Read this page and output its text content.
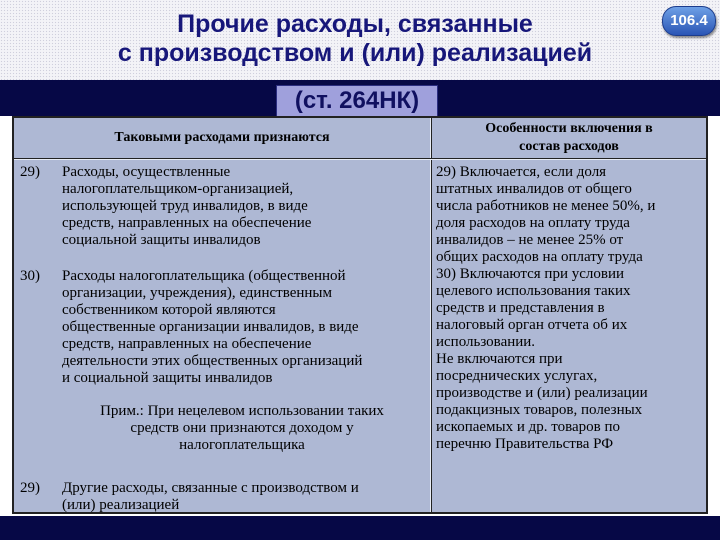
Прочие расходы, связанные
с производством и (или) реализацией
106.4
(ст. 264НК)
Таковыми расходами признаются
Особенности включения в
состав расходов
29) Расходы, осуществленные
налогоплательщиком-организацией,
использующей труд инвалидов, в виде
средств, направленных на обеспечение
социальной защиты инвалидов
30) Расходы налогоплательщика (общественной
организации, учреждения), единственным
собственником которой являются
общественные организации инвалидов, в виде
средств, направленных на обеспечение
деятельности этих общественных организаций
и социальной защиты инвалидов
Прим.: При нецелевом использовании таких
средств они признаются доходом у
налогоплательщика
29) Другие расходы, связанные с производством и
(или) реализацией
29) Включается, если доля
штатных инвалидов от общего
числа работников не менее 50%, и
доля расходов на оплату труда
инвалидов – не менее 25% от
общих расходов на оплату труда
30) Включаются при условии
целевого использования таких
средств и представления в
налоговый орган отчета об их
использовании.
Не включаются при
посреднических услугах,
производстве и (или) реализации
подакцизных товаров, полезных
ископаемых и др. товаров по
перечню Правительства РФ
